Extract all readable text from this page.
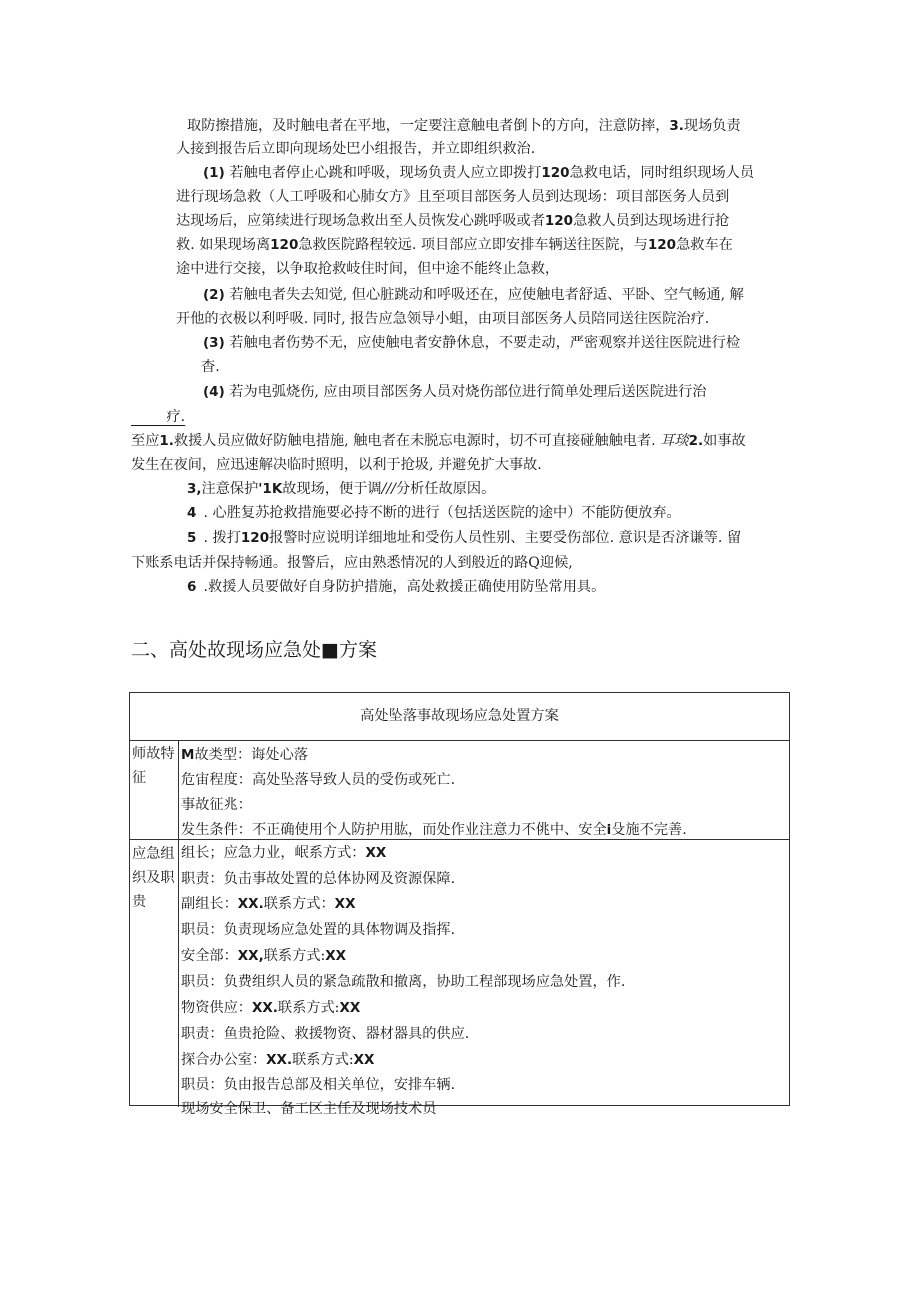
取防擦措施，及时触电者在平地，一定要注意触电者倒卜的方向，注意防摔，3.现场负责
人接到报告后立即向现场处巴小组报告，并立即组织救治.
(1) 若触电者停止心跳和呼吸，现场负责人应立即拨打120急救电话，同时组织现场人员
进行现场急救（人工呼吸和心肺女方》且至项目部医务人员到达现场：项目部医务人员到
达现场后，应第续进行现场急救出至人员恢发心跳呼吸或者120急救人员到达现场进行抢
救. 如果现场离120急救医院路程较远. 项目部应立即安排车辆送往医院，与120急救车在
途中进行交接，以争取抢救岐住时间，但中途不能终止急救，
(2) 若触电者失去知觉, 但心脏跳动和呼吸还在，应使触电者舒适、平卧、空气畅通, 解
开他的衣极以利呼吸. 同时, 报告应急领导小蛆，由项目部医务人员陪同送往医院治疗.
(3) 若触电者伤势不无，应使触电者安静休息，不要走动，严密观察并送往医院进行检
杳.
(4) 若为电弧烧伤, 应由项目部医务人员对烧伤部位进行简单处理后送医院进行治
   疗.
至应1.救援人员应做好防触电措施, 触电者在未脱忘电源时，切不可直接碰触触电者. 耳琰2.如事故
发生在夜间，应迅速解决临时照明，以利于抢圾, 并避免扩大事故.
3,注意保护'1K故现场，便于调///分析任故原因。
4  . 心胜复苏抢救措施要必持不断的进行（包括送医院的途中）不能防便放弃。
5  . 拨打120报警时应说明详细地址和受伤人员性别、主要受伤部位. 意识是否济谦等. 留
下账系电话并保持畅通。报警后，应由熟悉情况的人到般近的路Q迎候,
6  .救援人员要做好自身防护措施，高处救援正确使用防坠常用具。
二、高处故现场应急处■方案
高处坠落事故现场应急处置方案
师故特征
M故类型：诲处心落
危宙程度：高处坠落导致人员的受伤或死亡.
事故征兆：
发生条件：不正确使用个人防护用肱，而处作业注意力不佻中、安全i殳施不完善.
应急组织及职贵
组长；应急力业，岷系方式：XX
职责：负击事故处置的总体协网及资源保障.
副组长：XX.联系方式：XX
职员：负责现场应急处置的具体物调及指挥.
安全部：XX,联系方式:XX
职员：负费组织人员的紧急疏散和撤离，协助工程部现场应急处置，作.
物资供应：XX.联系方式:XX
职责：鱼贵抢险、救援物资、器材器具的供应.
探合办公室：XX.联系方式:XX
职员：负由报告总部及相关单位，安排车辆.
现场安全保卫、备工区主任及现场技术员
